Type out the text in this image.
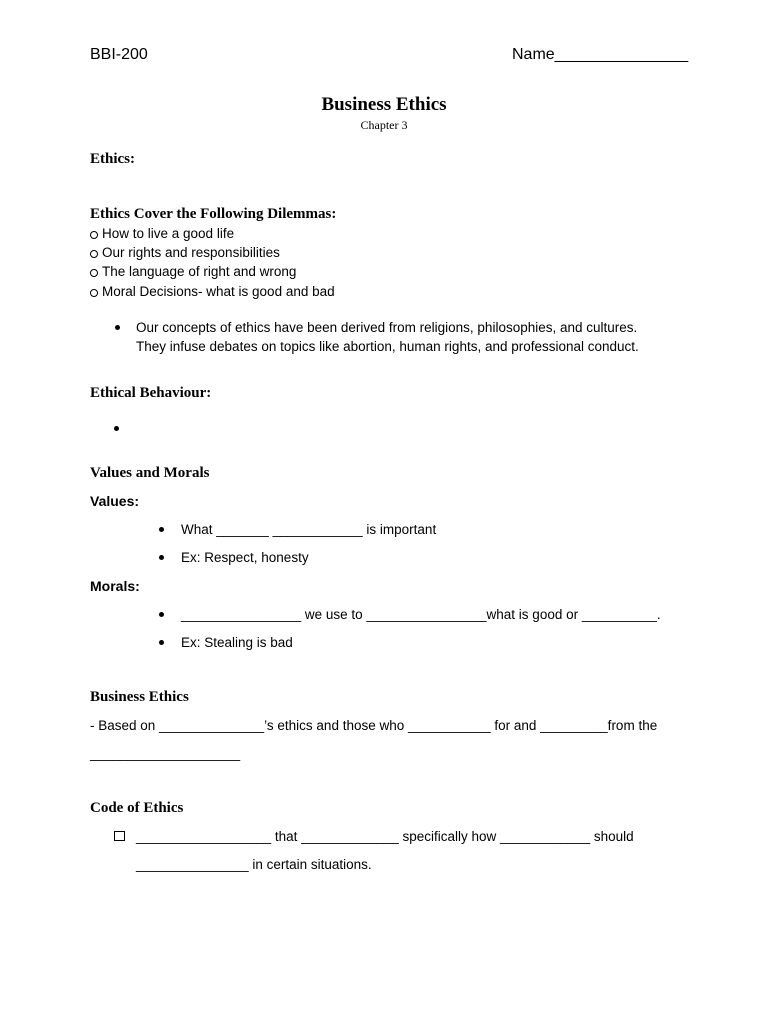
BBI-200	Name_______________
Business Ethics
Chapter 3
Ethics:
Ethics Cover the Following Dilemmas:
How to live a good life
Our rights and responsibilities
The language of right and wrong
Moral Decisions- what is good and bad
Our concepts of ethics have been derived from religions, philosophies, and cultures.
They infuse debates on topics like abortion, human rights, and professional conduct.
Ethical Behaviour:
Values and Morals
Values:
What _______ ____________ is important
Ex: Respect, honesty
Morals:
________________ we use to ________________what is good or __________.
Ex: Stealing is bad
Business Ethics
- Based on ______________’s ethics and those who ___________ for and _________from the
____________________
Code of Ethics
__________________ that _____________ specifically how ____________ should
_______________ in certain situations.
